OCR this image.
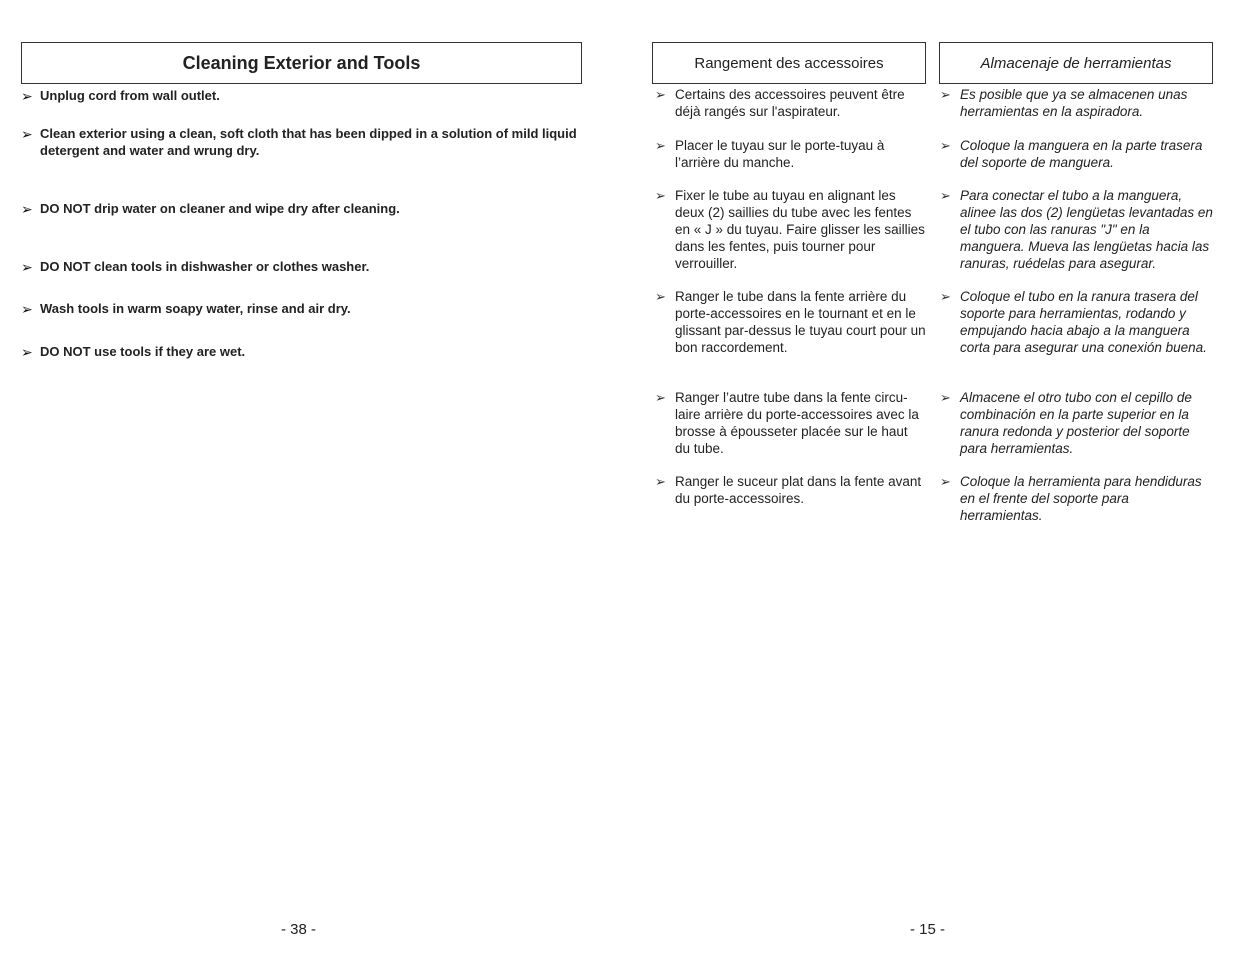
Cleaning Exterior and Tools
➢ Unplug cord from wall outlet.
➢ Clean exterior using a clean, soft cloth that has been dipped in a solution of mild liquid detergent and water and wrung dry.
➢ DO NOT drip water on cleaner and wipe dry after cleaning.
➢ DO NOT clean tools in dishwasher or clothes washer.
➢ Wash tools in warm soapy water, rinse and air dry.
➢ DO NOT use tools if they are wet.
- 38 -
Rangement des accessoires
➢ Certains des accessoires peuvent être déjà rangés sur l'aspirateur.
➢ Placer le tuyau sur le porte-tuyau à l’arrière du manche.
➢ Fixer le tube au tuyau en alignant les deux (2) saillies du tube avec les fentes en « J » du tuyau. Faire glisser les saillies dans les fentes, puis tourner pour verrouiller.
➢ Ranger le tube dans la fente arrière du porte-accessoires en le tournant et en le glissant par-dessus le tuyau court pour un bon raccordement.
➢ Ranger l’autre tube dans la fente circu- laire arrière du porte-accessoires avec la brosse à épousseter placée sur le haut du tube.
➢ Ranger le suceur plat dans la fente avant du porte-accessoires.
- 15 -
Almacenaje de herramientas
➢ Es posible que ya se almacenen unas herramientas en la aspiradora.
➢ Coloque la manguera en la parte trasera del soporte de manguera.
➢ Para conectar el tubo a la manguera, alinee las dos (2) lengüetas levantadas en el tubo con las ranuras "J" en la manguera. Mueva las lengüetas hacia las ranuras, ruédelas para asegurar.
➢ Coloque el tubo en la ranura trasera del soporte para herramientas, rodando y empujando hacia abajo a la manguera corta para asegurar una conexión buena.
➢ Almacene el otro tubo con el cepillo de combinación en la parte superior en la ranura redonda y posterior del soporte para herramientas.
➢ Coloque la herramienta para hendiduras en el frente del soporte para herramientas.
